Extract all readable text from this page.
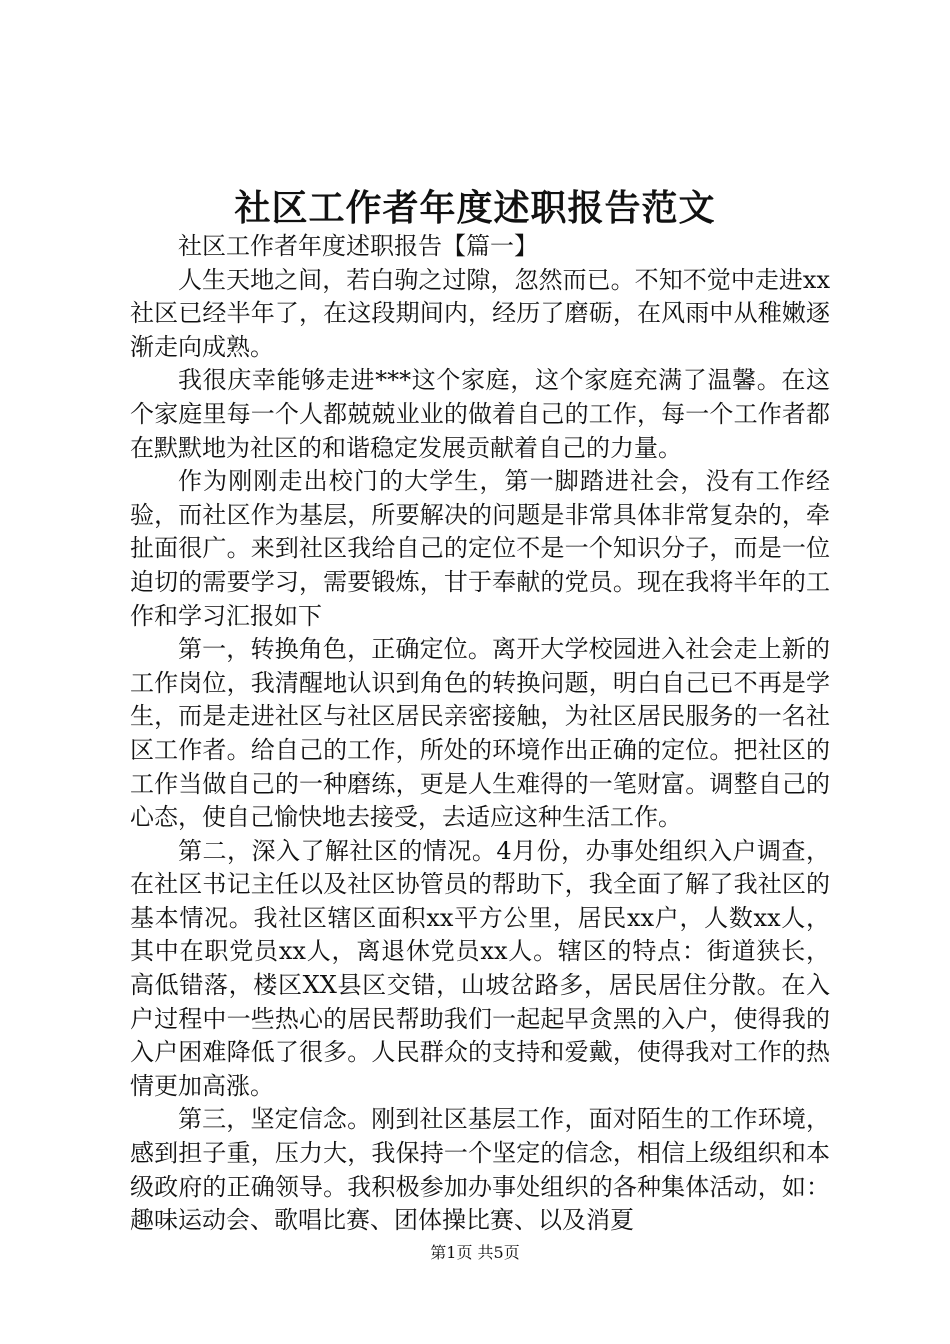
社区工作者年度述职报告范文

社区工作者年度述职报告【篇一】

人生天地之间，若白驹之过隙，忽然而已。不知不觉中走进xx社区已经半年了，在这段期间内，经历了磨砺，在风雨中从稚嫩逐渐走向成熟。

我很庆幸能够走进***这个家庭，这个家庭充满了温馨。在这个家庭里每一个人都兢兢业业的做着自己的工作，每一个工作者都在默默地为社区的和谐稳定发展贡献着自己的力量。

作为刚刚走出校门的大学生，第一脚踏进社会，没有工作经验，而社区作为基层，所要解决的问题是非常具体非常复杂的，牵扯面很广。来到社区我给自己的定位不是一个知识分子，而是一位迫切的需要学习，需要锻炼，甘于奉献的党员。现在我将半年的工作和学习汇报如下

第一，转换角色，正确定位。离开大学校园进入社会走上新的工作岗位，我清醒地认识到角色的转换问题，明白自己已不再是学生，而是走进社区与社区居民亲密接触，为社区居民服务的一名社区工作者。给自己的工作，所处的环境作出正确的定位。把社区的工作当做自己的一种磨练，更是人生难得的一笔财富。调整自己的心态，使自己愉快地去接受，去适应这种生活工作。

第二，深入了解社区的情况。4月份，办事处组织入户调查，在社区书记主任以及社区协管员的帮助下，我全面了解了我社区的基本情况。我社区辖区面积xx平方公里，居民xx户，人数xx人，其中在职党员xx人，离退休党员xx人。辖区的特点：街道狭长，高低错落，楼区XX县区交错，山坡岔路多，居民居住分散。在入户过程中一些热心的居民帮助我们一起起早贪黑的入户，使得我的入户困难降低了很多。人民群众的支持和爱戴，使得我对工作的热情更加高涨。

第三，坚定信念。刚到社区基层工作，面对陌生的工作环境，感到担子重，压力大，我保持一个坚定的信念，相信上级组织和本级政府的正确领导。我积极参加办事处组织的各种集体活动，如：趣味运动会、歌唱比赛、团体操比赛、以及消夏

第1页 共5页
